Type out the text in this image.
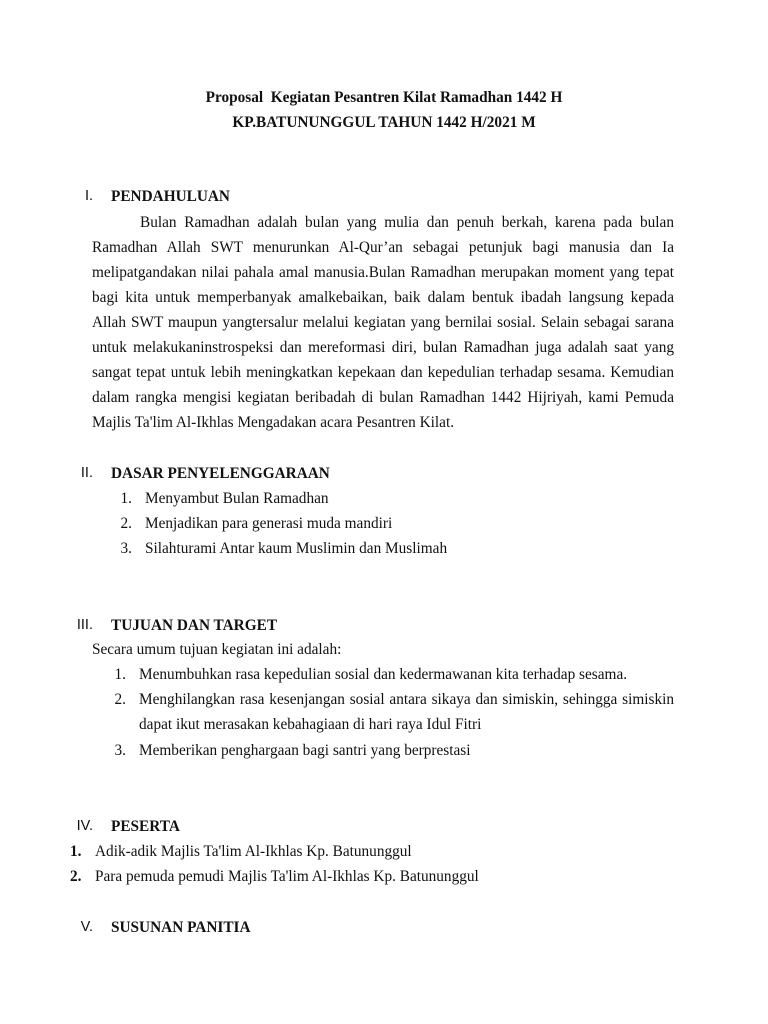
Proposal  Kegiatan Pesantren Kilat Ramadhan 1442 H
KP.BATUNUNGGUL TAHUN 1442 H/2021 M
I. PENDAHULUAN
Bulan Ramadhan adalah bulan yang mulia dan penuh berkah, karena pada bulan
Ramadhan Allah SWT menurunkan Al-Qur’an sebagai petunjuk bagi manusia dan Ia
melipatgandakan nilai pahala amal manusia.Bulan Ramadhan merupakan moment yang tepat
bagi kita untuk memperbanyak amalkebaikan, baik dalam bentuk ibadah langsung kepada
Allah SWT maupun yangtersalur melalui kegiatan yang bernilai sosial. Selain sebagai sarana
untuk melakukaninstrospeksi dan mereformasi diri, bulan Ramadhan juga adalah saat yang
sangat tepat untuk lebih meningkatkan kepekaan dan kepedulian terhadap sesama. Kemudian
dalam rangka mengisi kegiatan beribadah di bulan Ramadhan 1442 Hijriyah, kami Pemuda
Majlis Ta'lim Al-Ikhlas Mengadakan acara Pesantren Kilat.
II. DASAR PENYELENGGARAAN
1. Menyambut Bulan Ramadhan
2. Menjadikan para generasi muda mandiri
3. Silahturami Antar kaum Muslimin dan Muslimah
III. TUJUAN DAN TARGET
Secara umum tujuan kegiatan ini adalah:
1. Menumbuhkan rasa kepedulian sosial dan kedermawanan kita terhadap sesama.
2. Menghilangkan rasa kesenjangan sosial antara sikaya dan simiskin, sehingga simiskin
dapat ikut merasakan kebahagiaan di hari raya Idul Fitri
3. Memberikan penghargaan bagi santri yang berprestasi
IV. PESERTA
1. Adik-adik Majlis Ta'lim Al-Ikhlas Kp. Batununggul
2. Para pemuda pemudi Majlis Ta'lim Al-Ikhlas Kp. Batununggul
V. SUSUNAN PANITIA
